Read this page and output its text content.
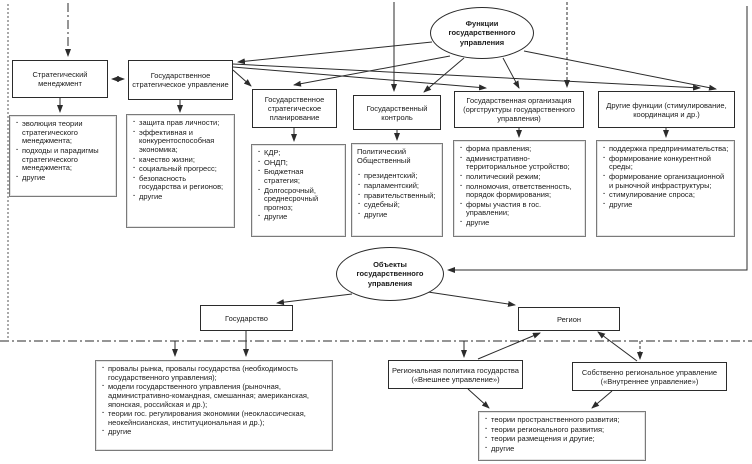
Функции государственного управления
Объекты государственного управления
Стратегический менеджмент
Государственное стратегическое управление
Государственное стратегическое планирование
Государственный контроль
Государственная организация (оргструктуры государственного управления)
Другие функции (стимулирование, координация и др.)
· эволюция теории стратегического менеджмента;
· подходы и парадигмы стратегического менеджмента;
· другие
· защита прав личности;
· эффективная и конкурентоспособная экономика;
· качество жизни;
· социальный прогресс;
· безопасность государства и регионов;
· другие
· КДР;
· ОНДП;
· Бюджетная стратегия;
· Долгосрочный, среднесрочный прогноз;
· другие
Политический
Общественный
· президентский;
· парламентский;
· правительственный;
· судебный;
· другие
· форма правления;
· административно-территориальное устройство;
· политический режим;
· полномочия, ответственность, порядок формирования;
· формы участия в гос. управлении;
· другие
· поддержка предпринимательства;
· формирование конкурентной среды;
· формирование организационной и рыночной инфраструктуры;
· стимулирование спроса;
· другие
Государство	Регион
· провалы рынка, провалы государства (необходимость государственного управления);
· модели государственного управления (рыночная, административно-командная, смешанная; американская, японская, российская и др.);
· теории гос. регулирования экономики (неоклассическая, неокейнсианская, институциональная и др.);
· другие
Региональная политика государства («Внешнее управление»)
Собственно региональное управление («Внутреннее управление»)
· теории пространственного развития;
· теории регионального развития;
· теории размещения и другие;
· другие
